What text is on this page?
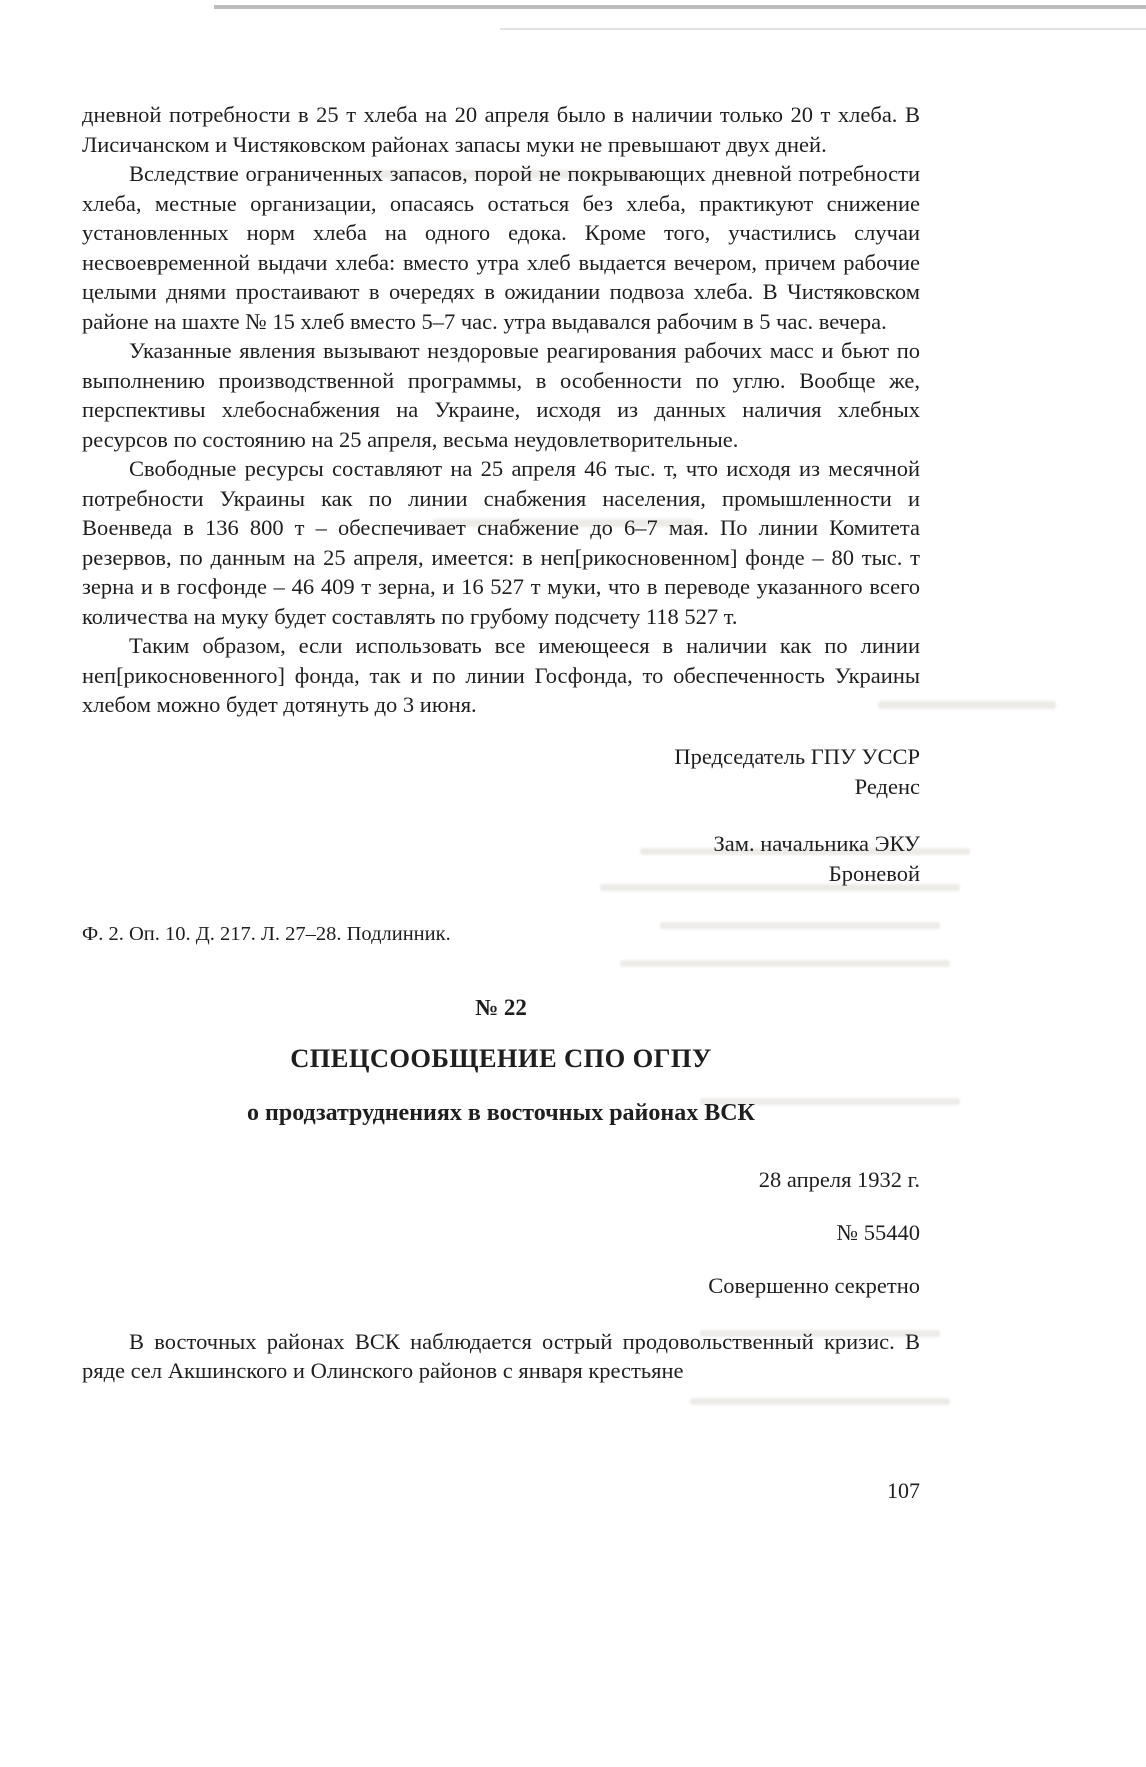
дневной потребности в 25 т хлеба на 20 апреля было в наличии только 20 т хлеба. В Лисичанском и Чистяковском районах запасы муки не превышают двух дней.

Вследствие ограниченных запасов, порой не покрывающих дневной потребности хлеба, местные организации, опасаясь остаться без хлеба, практикуют снижение установленных норм хлеба на одного едока. Кроме того, участились случаи несвоевременной выдачи хлеба: вместо утра хлеб выдается вечером, причем рабочие целыми днями простаивают в очередях в ожидании подвоза хлеба. В Чистяковском районе на шахте № 15 хлеб вместо 5–7 час. утра выдавался рабочим в 5 час. вечера.

Указанные явления вызывают нездоровые реагирования рабочих масс и бьют по выполнению производственной программы, в особенности по углю. Вообще же, перспективы хлебоснабжения на Украине, исходя из данных наличия хлебных ресурсов по состоянию на 25 апреля, весьма неудовлетворительные.

Свободные ресурсы составляют на 25 апреля 46 тыс. т, что исходя из месячной потребности Украины как по линии снабжения населения, промышленности и Военведа в 136 800 т – обеспечивает снабжение до 6–7 мая. По линии Комитета резервов, по данным на 25 апреля, имеется: в неп[рикосновенном] фонде – 80 тыс. т зерна и в госфонде – 46 409 т зерна, и 16 527 т муки, что в переводе указанного всего количества на муку будет составлять по грубому подсчету 118 527 т.

Таким образом, если использовать все имеющееся в наличии как по линии неп[рикосновенного] фонда, так и по линии Госфонда, то обеспеченность Украины хлебом можно будет дотянуть до 3 июня.

Председатель ГПУ УССР

Реденс

Зам. начальника ЭКУ

Броневой

Ф. 2. Оп. 10. Д. 217. Л. 27–28. Подлинник.

№ 22
СПЕЦСООБЩЕНИЕ СПО ОГПУ
о продзатруднениях в восточных районах ВСК

28 апреля 1932 г.

№ 55440

Совершенно секретно

В восточных районах ВСК наблюдается острый продовольственный кризис. В ряде сел Акшинского и Олинского районов с января крестьяне

107
